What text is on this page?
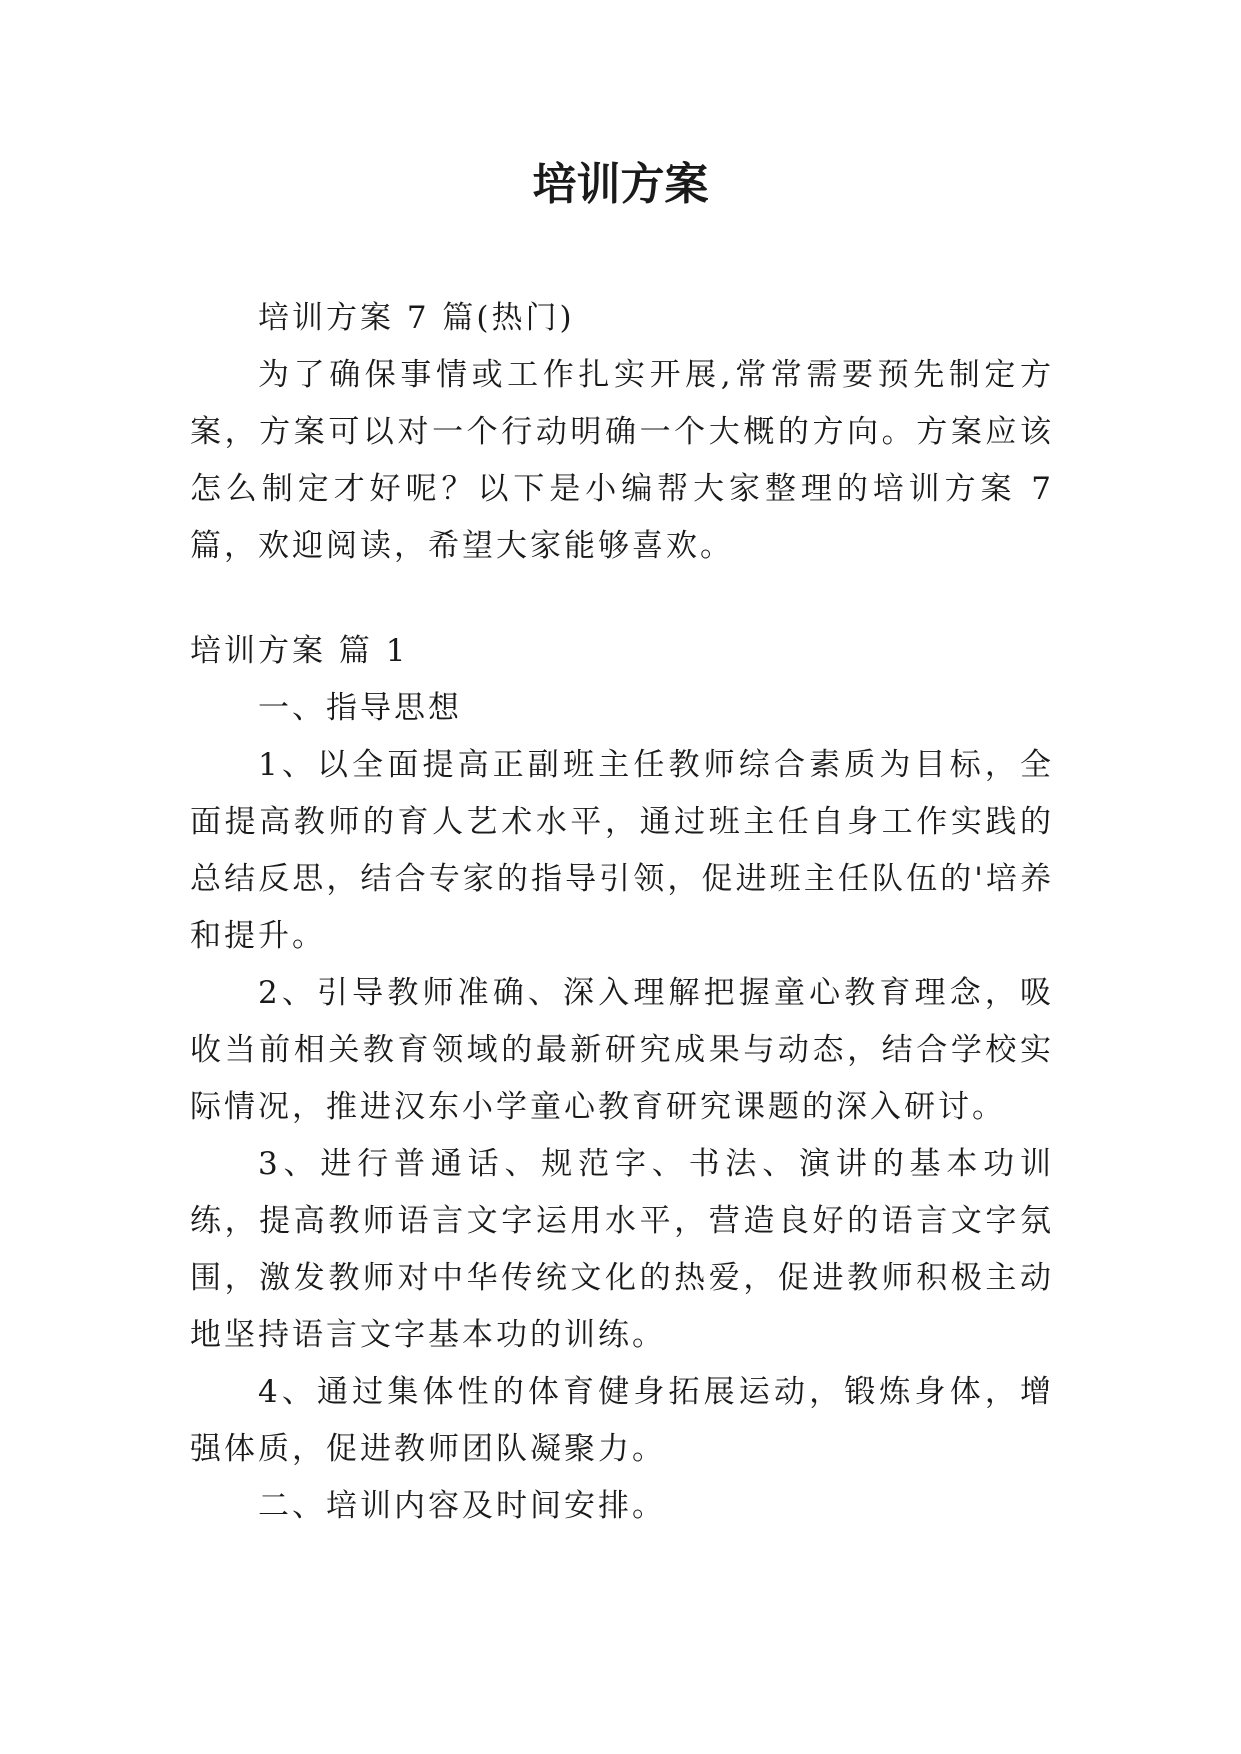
培训方案

培训方案 7 篇(热门)

为了确保事情或工作扎实开展,常常需要预先制定方案，方案可以对一个行动明确一个大概的方向。方案应该怎么制定才好呢？以下是小编帮大家整理的培训方案 7 篇，欢迎阅读，希望大家能够喜欢。

培训方案 篇 1

一、指导思想

1、以全面提高正副班主任教师综合素质为目标，全面提高教师的育人艺术水平，通过班主任自身工作实践的总结反思，结合专家的指导引领，促进班主任队伍的'培养和提升。

2、引导教师准确、深入理解把握童心教育理念，吸收当前相关教育领域的最新研究成果与动态，结合学校实际情况，推进汉东小学童心教育研究课题的深入研讨。

3、进行普通话、规范字、书法、演讲的基本功训练，提高教师语言文字运用水平，营造良好的语言文字氛围，激发教师对中华传统文化的热爱，促进教师积极主动地坚持语言文字基本功的训练。

4、通过集体性的体育健身拓展运动，锻炼身体，增强体质，促进教师团队凝聚力。

二、培训内容及时间安排。
